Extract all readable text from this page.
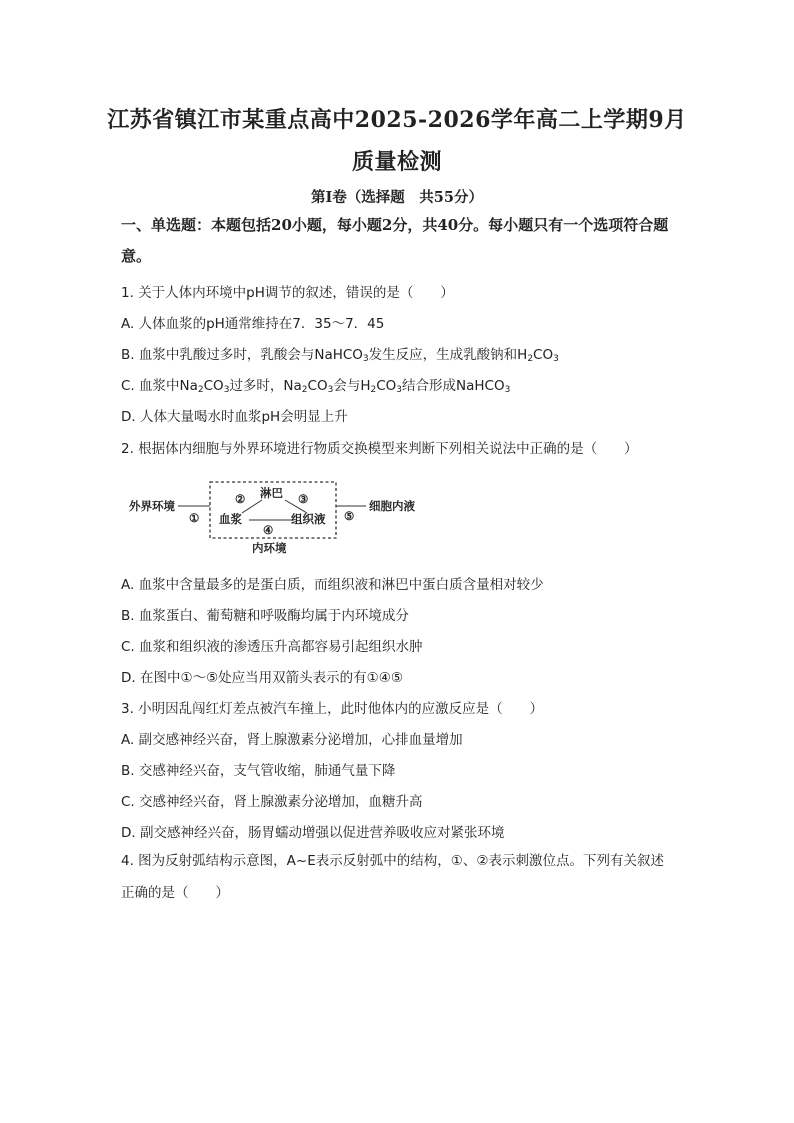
江苏省镇江市某重点高中2025-2026学年高二上学期9月
质量检测
第Ⅰ卷（选择题　共55分）
一、单选题：本题包括20小题，每小题2分，共40分。每小题只有一个选项符合题意。
1. 关于人体内环境中pH调节的叙述，错误的是（　　）
A. 人体血浆的pH通常维持在7．35～7．45
B. 血浆中乳酸过多时，乳酸会与NaHCO$_3$发生反应，生成乳酸钠和$H_2CO_3$
C. 血浆中$Na_2CO_3$过多时，$Na_2CO_3$会与$H_2CO_3$结合形成NaHCO$_3$
D. 人体大量喝水时血浆pH会明显上升
2. 根据体内细胞与外界环境进行物质交换模型来判断下列相关说法中正确的是（　　）
外界环境
①
② 淋巴 ③
血浆	组织液
④
⑤
细胞内液
内环境
A. 血浆中含量最多的是蛋白质，而组织液和淋巴中蛋白质含量相对较少
B. 血浆蛋白、葡萄糖和呼吸酶均属于内环境成分
C. 血浆和组织液的渗透压升高都容易引起组织水肿
D. 在图中①～⑤处应当用双箭头表示的有①④⑤
3. 小明因乱闯红灯差点被汽车撞上，此时他体内的应激反应是（　　）
A. 副交感神经兴奋，肾上腺激素分泌增加，心排血量增加
B. 交感神经兴奋，支气管收缩，肺通气量下降
C. 交感神经兴奋，肾上腺激素分泌增加，血糖升高
D. 副交感神经兴奋，肠胃蠕动增强以促进营养吸收应对紧张环境
4. 图为反射弧结构示意图，A~E表示反射弧中的结构，①、②表示刺激位点。下列有关叙述正确的是（　　）
